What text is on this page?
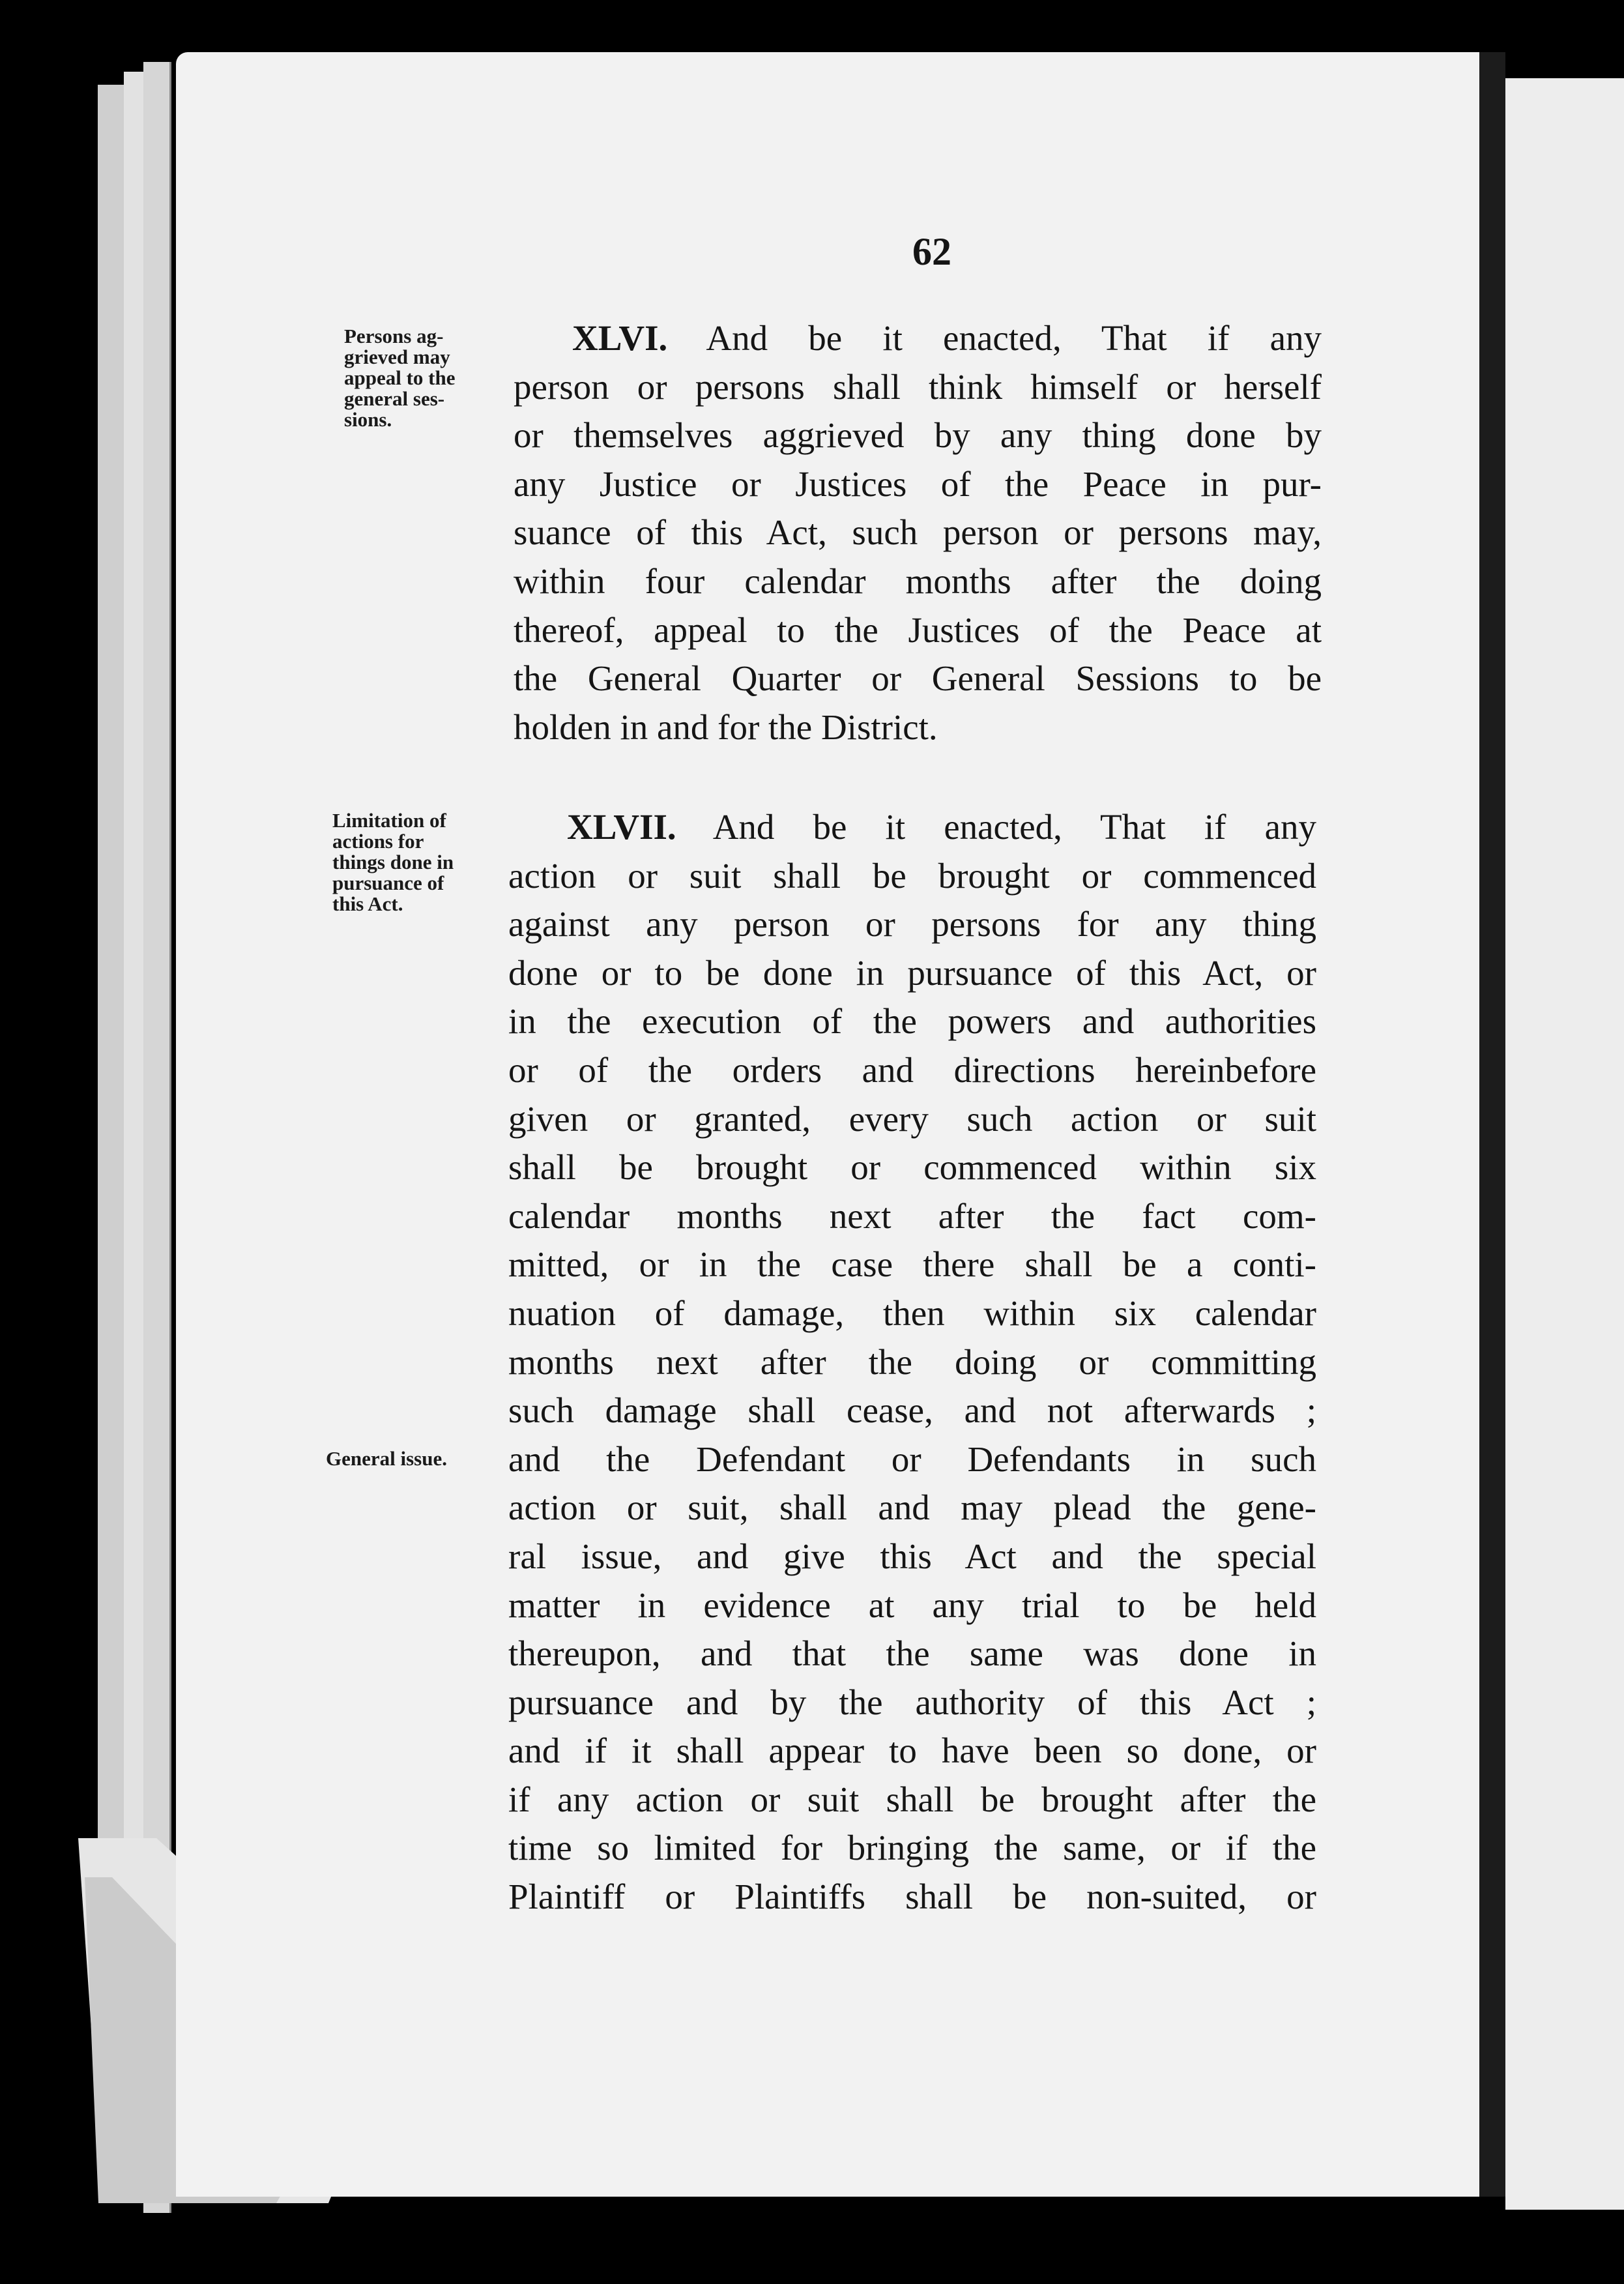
62
Persons ag-
grieved may
appeal to the
general ses-
sions.
Limitation of
actions for
things done in
pursuance of
this Act.
General issue.
XLVI. And be it enacted, That if any
person or persons shall think himself or herself
or themselves aggrieved by any thing done by
any Justice or Justices of the Peace in pur-
suance of this Act, such person or persons may,
within four calendar months after the doing
thereof, appeal to the Justices of the Peace at
the General Quarter or General Sessions to be
holden in and for the District.
XLVII. And be it enacted, That if any
action or suit shall be brought or commenced
against any person or persons for any thing
done or to be done in pursuance of this Act, or
in the execution of the powers and authorities
or of the orders and directions hereinbefore
given or granted, every such action or suit
shall be brought or commenced within six
calendar months next after the fact com-
mitted, or in the case there shall be a conti-
nuation of damage, then within six calendar
months next after the doing or committing
such damage shall cease, and not afterwards ;
and the Defendant or Defendants in such
action or suit, shall and may plead the gene-
ral issue, and give this Act and the special
matter in evidence at any trial to be held
thereupon, and that the same was done in
pursuance and by the authority of this Act ;
and if it shall appear to have been so done, or
if any action or suit shall be brought after the
time so limited for bringing the same, or if the
Plaintiff or Plaintiffs shall be non-suited, or
